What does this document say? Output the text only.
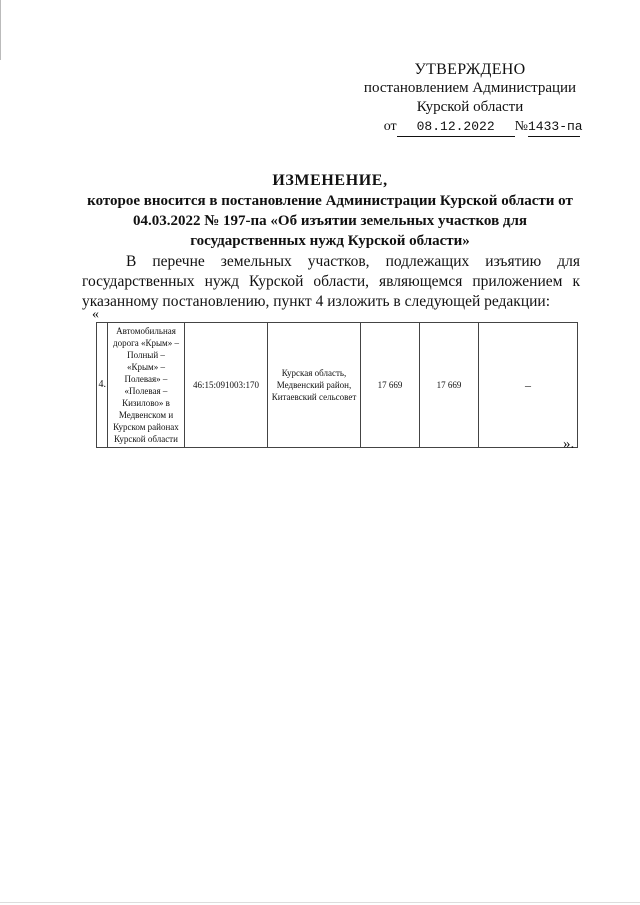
УТВЕРЖДЕНО
постановлением Администрации
Курской области
от 08.12.2022 №1433-па
ИЗМЕНЕНИЕ,
которое вносится в постановление Администрации Курской области от 04.03.2022 № 197-па «Об изъятии земельных участков для государственных нужд Курской области»
В перечне земельных участков, подлежащих изъятию для государственных нужд Курской области, являющемся приложением к указанному постановлению, пункт 4 изложить в следующей редакции:
«
4.	Автомобильная дорога «Крым» – Полный – «Крым» – Полевая» – «Полевая – Кизилово» в Медвенском и Курском районах Курской области	46:15:091003:170	Курская область, Медвенский район, Китаевский сельсовет	17 669	17 669	–
».
